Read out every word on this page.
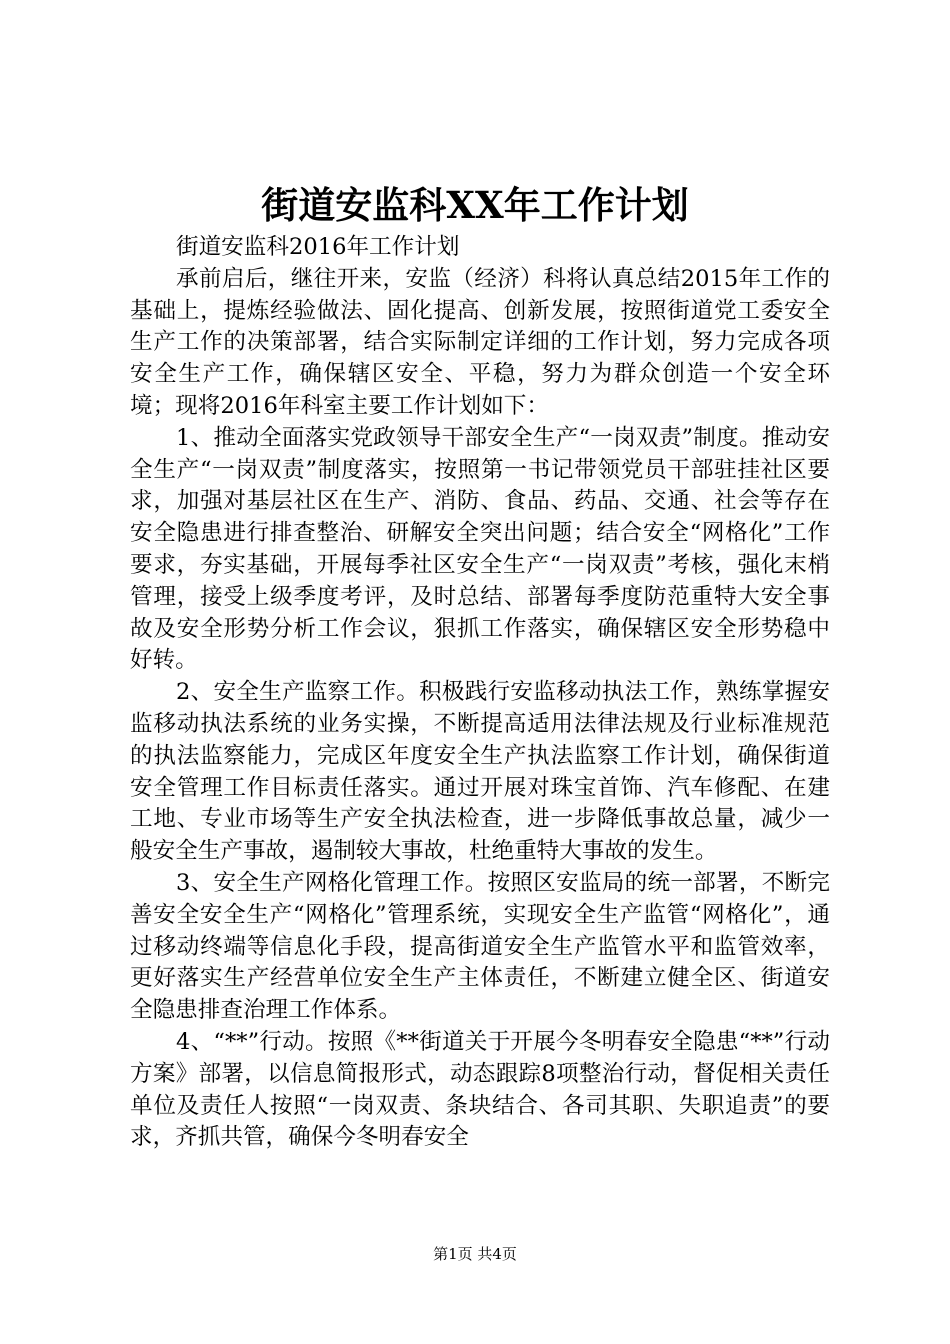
街道安监科XX年工作计划

街道安监科2016年工作计划

承前启后，继往开来，安监（经济）科将认真总结2015年工作的基础上，提炼经验做法、固化提高、创新发展，按照街道党工委安全生产工作的决策部署，结合实际制定详细的工作计划，努力完成各项安全生产工作，确保辖区安全、平稳，努力为群众创造一个安全环境；现将2016年科室主要工作计划如下：

1、推动全面落实党政领导干部安全生产“一岗双责”制度。推动安全生产“一岗双责”制度落实，按照第一书记带领党员干部驻挂社区要求，加强对基层社区在生产、消防、食品、药品、交通、社会等存在安全隐患进行排查整治、研解安全突出问题；结合安全“网格化”工作要求，夯实基础，开展每季社区安全生产“一岗双责”考核，强化末梢管理，接受上级季度考评，及时总结、部署每季度防范重特大安全事故及安全形势分析工作会议，狠抓工作落实，确保辖区安全形势稳中好转。

2、安全生产监察工作。积极践行安监移动执法工作，熟练掌握安监移动执法系统的业务实操，不断提高适用法律法规及行业标准规范的执法监察能力，完成区年度安全生产执法监察工作计划，确保街道安全管理工作目标责任落实。通过开展对珠宝首饰、汽车修配、在建工地、专业市场等生产安全执法检查，进一步降低事故总量，减少一般安全生产事故，遏制较大事故，杜绝重特大事故的发生。

3、安全生产网格化管理工作。按照区安监局的统一部署，不断完善安全安全生产“网格化”管理系统，实现安全生产监管“网格化”，通过移动终端等信息化手段，提高街道安全生产监管水平和监管效率，更好落实生产经营单位安全生产主体责任，不断建立健全区、街道安全隐患排查治理工作体系。

4、“**”行动。按照《**街道关于开展今冬明春安全隐患“**”行动方案》部署，以信息简报形式，动态跟踪8项整治行动，督促相关责任单位及责任人按照“一岗双责、条块结合、各司其职、失职追责”的要求，齐抓共管，确保今冬明春安全

第1页 共4页
